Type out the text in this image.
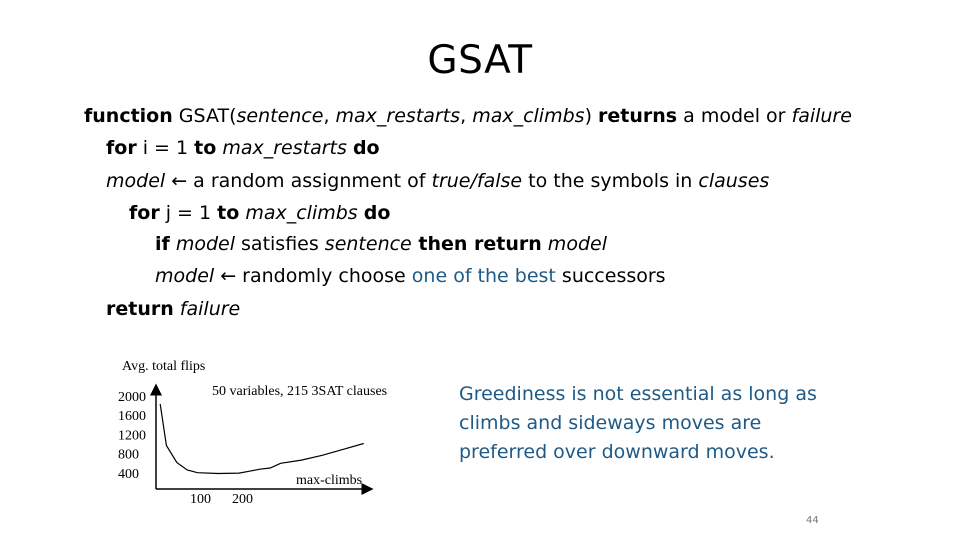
GSAT
function GSAT(sentence, max_restarts, max_climbs) returns a model or failure
for i = 1 to max_restarts do
model ← a random assignment of true/false to the symbols in clauses
for j = 1 to max_climbs do
if model satisfies sentence then return model
model ← randomly choose one of the best successors
return failure
Avg. total flips
50 variables, 215 3SAT clauses
max-climbs
2000
1600
1200
800
400
100 200
Greediness is not essential as long as climbs and sideways moves are preferred over downward moves.
44
